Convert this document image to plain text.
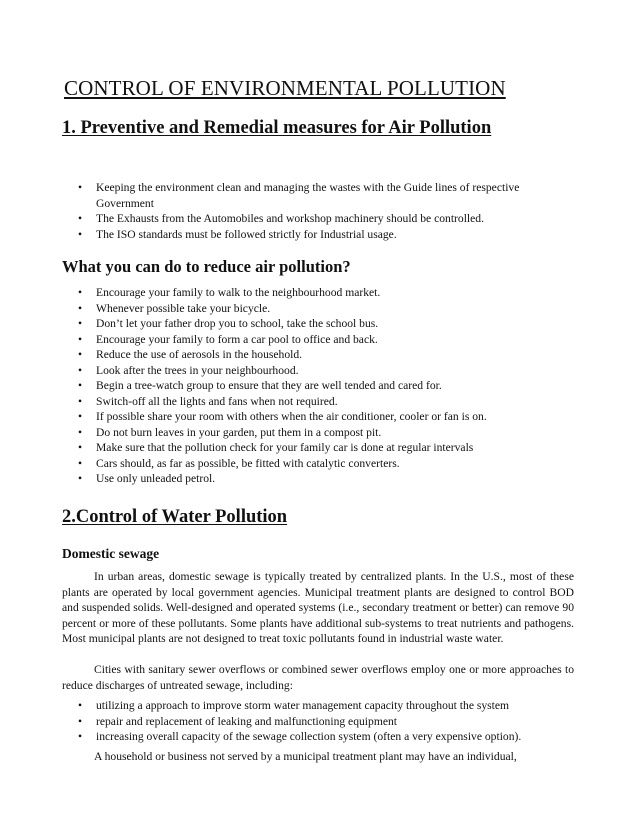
CONTROL OF ENVIRONMENTAL POLLUTION
1. Preventive and Remedial measures for Air Pollution
• Keeping the environment clean and managing the wastes with the Guide lines of respective Government
• The Exhausts from the Automobiles and workshop machinery should be controlled.
• The ISO standards must be followed strictly for Industrial usage.
What you can do to reduce air pollution?
• Encourage your family to walk to the neighbourhood market.
• Whenever possible take your bicycle.
• Don’t let your father drop you to school, take the school bus.
• Encourage your family to form a car pool to office and back.
• Reduce the use of aerosols in the household.
• Look after the trees in your neighbourhood.
• Begin a tree-watch group to ensure that they are well tended and cared for.
• Switch-off all the lights and fans when not required.
• If possible share your room with others when the air conditioner, cooler or fan is on.
• Do not burn leaves in your garden, put them in a compost pit.
• Make sure that the pollution check for your family car is done at regular intervals
• Cars should, as far as possible, be fitted with catalytic converters.
• Use only unleaded petrol.
2.Control of Water Pollution
Domestic sewage

In urban areas, domestic sewage is typically treated by centralized plants. In the U.S., most of these plants are operated by local government agencies. Municipal treatment plants are designed to control BOD and suspended solids. Well-designed and operated systems (i.e., secondary treatment or better) can remove 90 percent or more of these pollutants. Some plants have additional sub-systems to treat nutrients and pathogens. Most municipal plants are not designed to treat toxic pollutants found in industrial waste water.

Cities with sanitary sewer overflows or combined sewer overflows employ one or more approaches to reduce discharges of untreated sewage, including:

• utilizing a approach to improve storm water management capacity throughout the system
• repair and replacement of leaking and malfunctioning equipment
• increasing overall capacity of the sewage collection system (often a very expensive option).

A household or business not served by a municipal treatment plant may have an individual,
